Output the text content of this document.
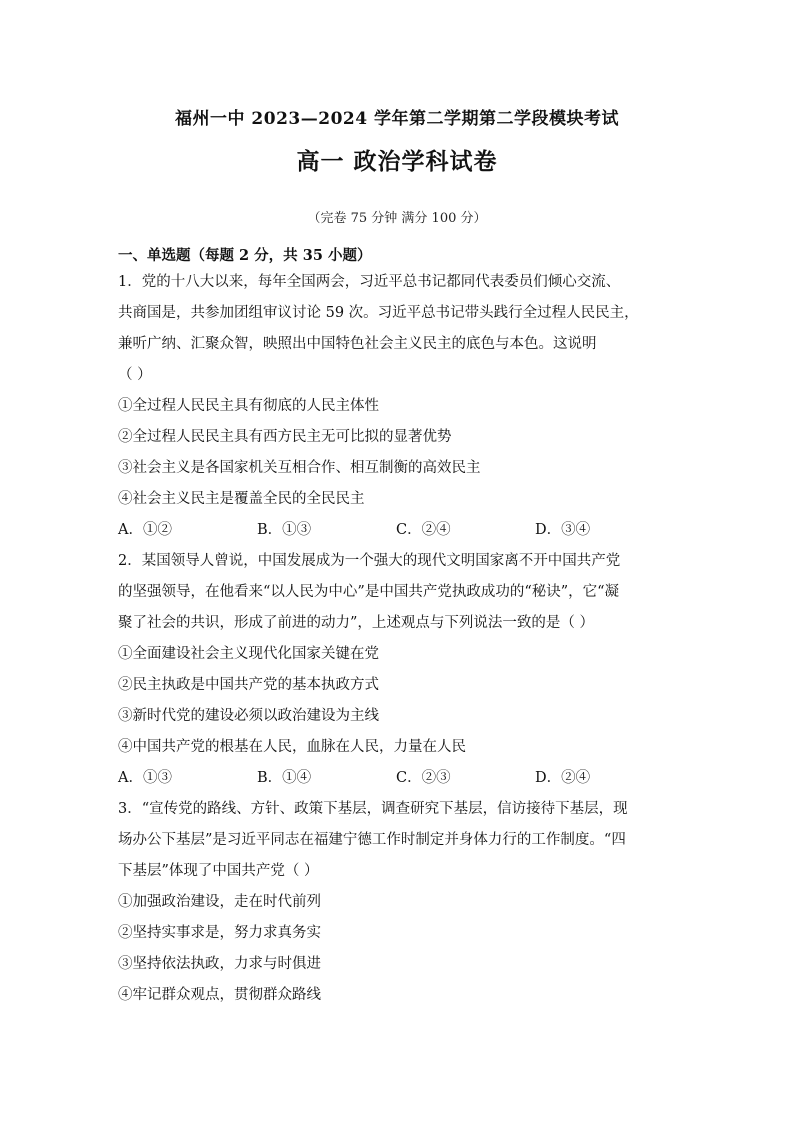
福州一中 2023—2024 学年第二学期第二学段模块考试
高一 政治学科试卷
（完卷 75 分钟 满分 100 分）
一、单选题（每题 2 分，共 35 小题）
1．党的十八大以来，每年全国两会，习近平总书记都同代表委员们倾心交流、
共商国是，共参加团组审议讨论 59 次。习近平总书记带头践行全过程人民民主，
兼听广纳、汇聚众智，映照出中国特色社会主义民主的底色与本色。这说明
（ ）
①全过程人民民主具有彻底的人民主体性
②全过程人民民主具有西方民主无可比拟的显著优势
③社会主义是各国家机关互相合作、相互制衡的高效民主
④社会主义民主是覆盖全民的全民民主
A．①②	B．①③	C．②④	D．③④
2．某国领导人曾说，中国发展成为一个强大的现代文明国家离不开中国共产党
的坚强领导，在他看来“以人民为中心”是中国共产党执政成功的“秘诀”，它“凝
聚了社会的共识，形成了前进的动力”，上述观点与下列说法一致的是（ ）
①全面建设社会主义现代化国家关键在党
②民主执政是中国共产党的基本执政方式
③新时代党的建设必须以政治建设为主线
④中国共产党的根基在人民，血脉在人民，力量在人民
A．①③	B．①④	C．②③	D．②④
3．“宣传党的路线、方针、政策下基层，调查研究下基层，信访接待下基层，现
场办公下基层”是习近平同志在福建宁德工作时制定并身体力行的工作制度。“四
下基层”体现了中国共产党（ ）
①加强政治建设，走在时代前列
②坚持实事求是，努力求真务实
③坚持依法执政，力求与时俱进
④牢记群众观点，贯彻群众路线
